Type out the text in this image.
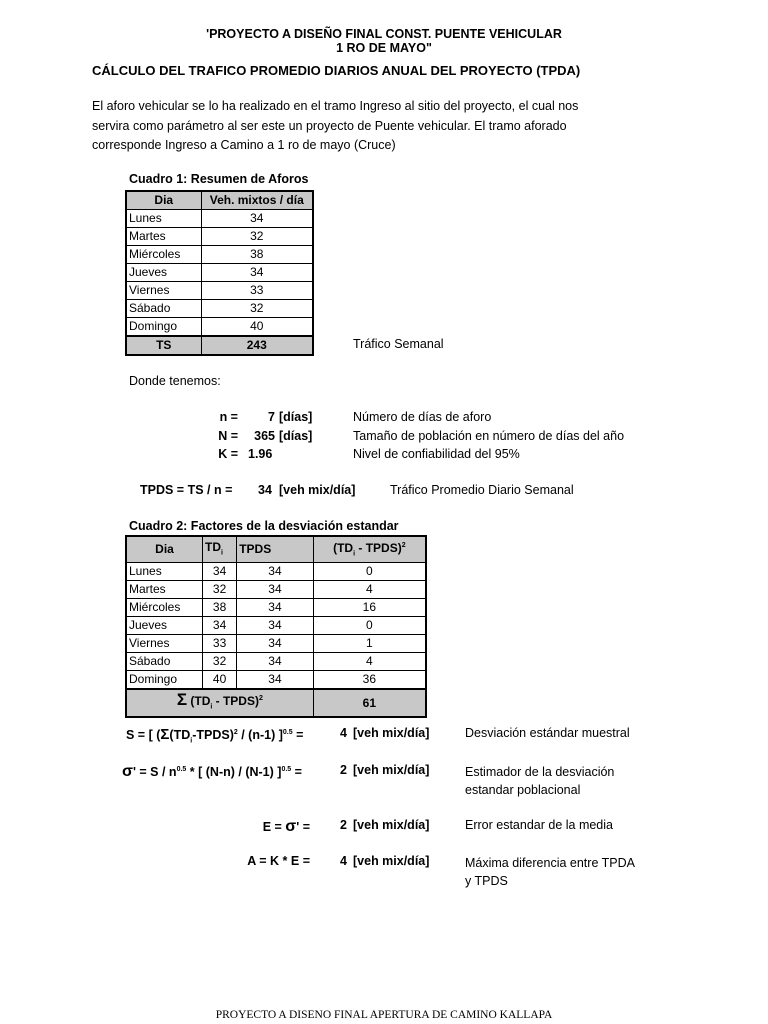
'PROYECTO A DISEÑO FINAL CONST. PUENTE VEHICULAR
1 RO DE MAYO"
CÁLCULO DEL TRAFICO PROMEDIO DIARIOS ANUAL DEL PROYECTO (TPDA)
El aforo vehicular se lo ha realizado en el tramo Ingreso al sitio del proyecto, el cual nos
servira como parámetro al ser este un proyecto de Puente vehicular. El tramo aforado
corresponde Ingreso a Camino a 1 ro de mayo (Cruce)
Cuadro 1: Resumen de Aforos
Dia	Veh. mixtos / día
Lunes	34
Martes	32
Miércoles	38
Jueves	34
Viernes	33
Sábado	32
Domingo	40
TS	243	Tráfico Semanal
Donde tenemos:
n =	7 [días]	Número de días de aforo
N =	365 [días]	Tamaño de población en número de días del año
K = 1.96	Nivel de confiabilidad del 95%
TPDS = TS / n = 34 [veh mix/día]	Tráfico Promedio Diario Semanal
Cuadro 2: Factores de la desviación estandar
Dia	$TD_i$	TPDS	($TD_i$ - TPDS)$^2$
Lunes	34	34	0
Martes	32	34	4
Miércoles	38	34	16
Jueves	34	34	0
Viernes	33	34	1
Sábado	32	34	4
Domingo	40	34	36
Σ ($TD_i$ - TPDS)$^2$			61
S = [ $(\Sigma(TD_i-TPDS)^2 / (n-1) ]^{0.5}$ =	4 [veh mix/día]	Desviación estándar muestral
$\sigma' = S / n^{0.5}$ * [ (N-n) / (N-1) ]$^{0.5}$ =	2 [veh mix/día]	Estimador de la desviación
estandar poblacional
E = σ' = 2 [veh mix/día]	Error estandar de la media
A = K * E = 4 [veh mix/día]	Máxima diferencia entre TPDA
y TPDS
PROYECTO A DISENO FINAL APERTURA DE CAMINO KALLAPA
